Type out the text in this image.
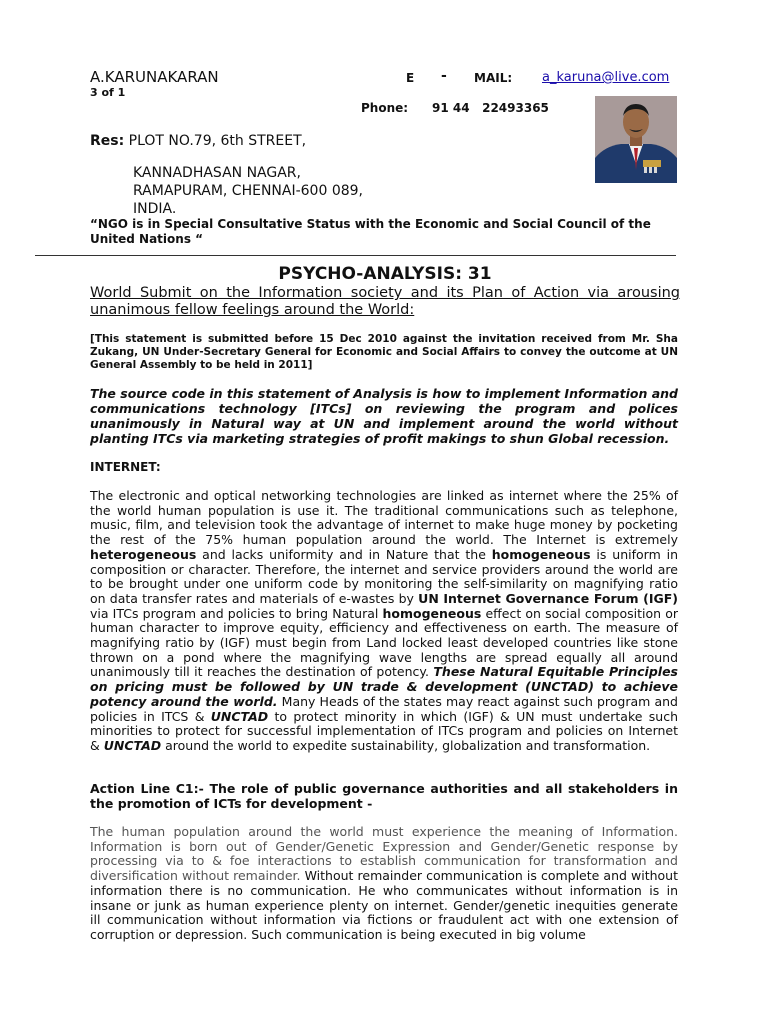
A.KARUNAKARAN
3 of 1
E - MAIL: a_karuna@live.com
Phone: 91 44   22493365
Res: PLOT NO.79, 6th STREET,
KANNADHASAN NAGAR,
RAMAPURAM, CHENNAI-600 089,
INDIA.
“NGO is in Special Consultative Status with the Economic and Social Council of the United Nations “
PSYCHO-ANALYSIS: 31
World Submit on the Information society and its Plan of Action via arousing unanimous fellow feelings around the World:
[This statement is submitted before 15 Dec 2010 against the invitation received from Mr. Sha Zukang, UN Under-Secretary General for Economic and Social Affairs to convey the outcome at UN General Assembly to be held in 2011]
The source code in this statement of Analysis is how to implement Information and communications technology [ITCs] on reviewing the program and polices unanimously in Natural way at UN and implement around the world without planting ITCs via marketing strategies of profit makings to shun Global recession.
INTERNET:
The electronic and optical networking technologies are linked as internet where the 25% of the world human population is use it. The traditional communications such as telephone, music, film, and television took the advantage of internet to make huge money by pocketing the rest of the 75% human population around the world. The Internet is extremely heterogeneous and lacks uniformity and in Nature that the homogeneous is uniform in composition or character. Therefore, the internet and service providers around the world are to be brought under one uniform code by monitoring the self-similarity on magnifying ratio on data transfer rates and materials of e-wastes by UN Internet Governance Forum (IGF) via ITCs program and policies to bring Natural homogeneous effect on social composition or human character to improve equity, efficiency and effectiveness on earth. The measure of magnifying ratio by (IGF) must begin from Land locked least developed countries like stone thrown on a pond where the magnifying wave lengths are spread equally all around unanimously till it reaches the destination of potency. These Natural Equitable Principles on pricing must be followed by UN trade & development (UNCTAD) to achieve potency around the world. Many Heads of the states may react against such program and policies in ITCS & UNCTAD to protect minority in which (IGF) & UN must undertake such minorities to protect for successful implementation of ITCs program and policies on Internet & UNCTAD around the world to expedite sustainability, globalization and transformation.
Action Line C1:- The role of public governance authorities and all stakeholders in the promotion of ICTs for development -
The human population around the world must experience the meaning of Information. Information is born out of Gender/Genetic Expression and Gender/Genetic response by processing via to & foe interactions to establish communication for transformation and diversification without remainder. Without remainder communication is complete and without information there is no communication. He who communicates without information is in insane or junk as human experience plenty on internet. Gender/genetic inequities generate ill communication without information via fictions or fraudulent act with one extension of corruption or depression. Such communication is being executed in big volume
